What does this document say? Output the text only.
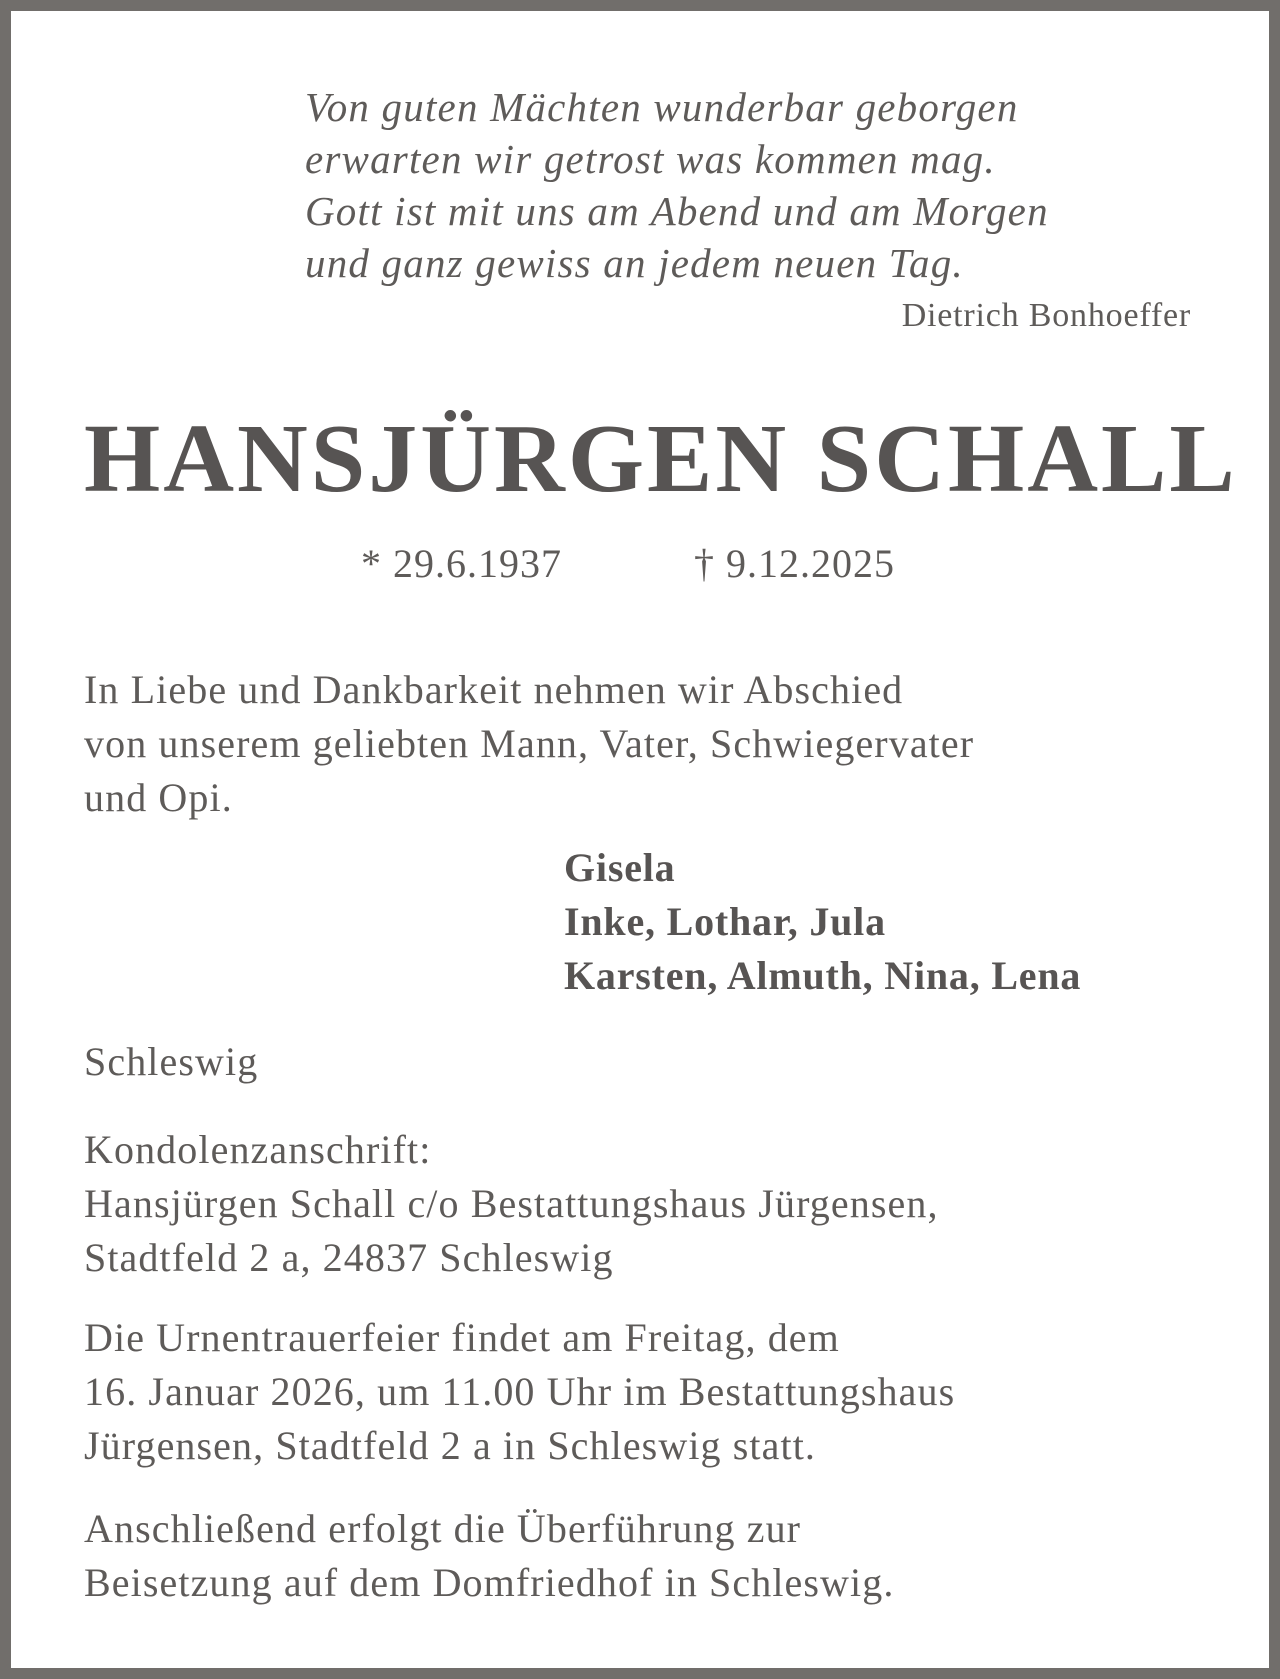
Von guten Mächten wunderbar geborgen
erwarten wir getrost was kommen mag.
Gott ist mit uns am Abend und am Morgen
und ganz gewiss an jedem neuen Tag.
Dietrich Bonhoeffer
HANSJÜRGEN SCHALL
* 29.6.1937	† 9.12.2025
In Liebe und Dankbarkeit nehmen wir Abschied
von unserem geliebten Mann, Vater, Schwiegervater
und Opi.
Gisela
Inke, Lothar, Jula
Karsten, Almuth, Nina, Lena
Schleswig
Kondolenzanschrift:
Hansjürgen Schall c/o Bestattungshaus Jürgensen,
Stadtfeld 2 a, 24837 Schleswig
Die Urnentrauerfeier findet am Freitag, dem
16. Januar 2026, um 11.00 Uhr im Bestattungshaus
Jürgensen, Stadtfeld 2 a in Schleswig statt.
Anschließend erfolgt die Überführung zur
Beisetzung auf dem Domfriedhof in Schleswig.
